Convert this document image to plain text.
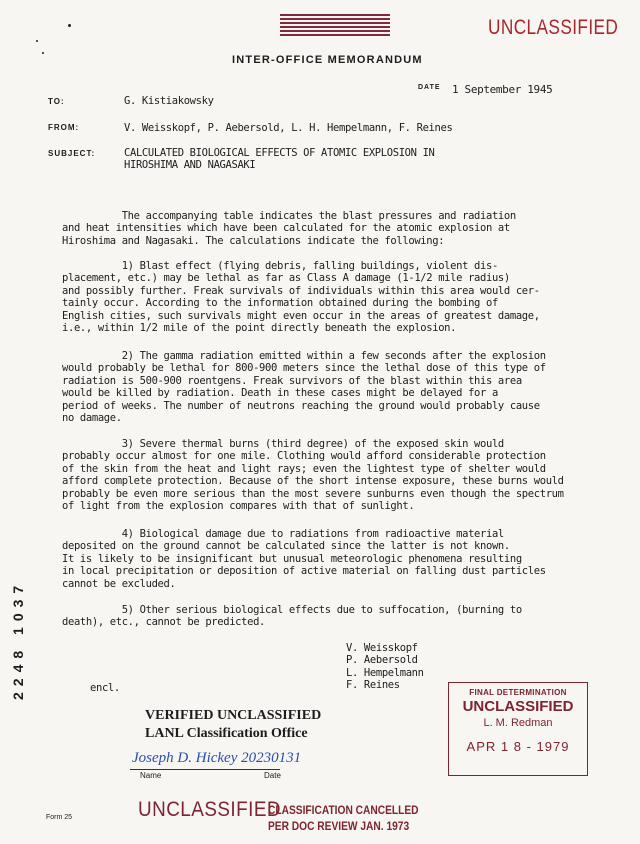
UNCLASSIFIED
INTER-OFFICE MEMORANDUM
DATE 1 September 1945
TO:	G. Kistiakowsky
FROM:	V. Weisskopf, P. Aebersold, L. H. Hempelmann, F. Reines
SUBJECT:	CALCULATED BIOLOGICAL EFFECTS OF ATOMIC EXPLOSION IN
HIROSHIMA AND NAGASAKI

The accompanying table indicates the blast pressures and radiation
and heat intensities which have been calculated for the atomic explosion at
Hiroshima and Nagasaki. The calculations indicate the following:

1) Blast effect (flying debris, falling buildings, violent dis-
placement, etc.) may be lethal as far as Class A damage (1-1/2 mile radius)
and possibly further. Freak survivals of individuals within this area would cer-
tainly occur. According to the information obtained during the bombing of
English cities, such survivals might even occur in the areas of greatest damage,
i.e., within 1/2 mile of the point directly beneath the explosion.

2) The gamma radiation emitted within a few seconds after the explosion
would probably be lethal for 800-900 meters since the lethal dose of this type of
radiation is 500-900 roentgens. Freak survivors of the blast within this area
would be killed by radiation. Death in these cases might be delayed for a
period of weeks. The number of neutrons reaching the ground would probably cause
no damage.

3) Severe thermal burns (third degree) of the exposed skin would
probably occur almost for one mile. Clothing would afford considerable protection
of the skin from the heat and light rays; even the lightest type of shelter would
afford complete protection. Because of the short intense exposure, these burns would
probably be even more serious than the most severe sunburns even though the spectrum
of light from the explosion compares with that of sunlight.

4) Biological damage due to radiations from radioactive material
deposited on the ground cannot be calculated since the latter is not known.
It is likely to be insignificant but unusual meteorologic phenomena resulting
in local precipitation or deposition of active material on falling dust particles
cannot be excluded.

5) Other serious biological effects due to suffocation, (burning to
death), etc., cannot be predicted.

V. Weisskopf
P. Aebersold
L. Hempelmann
F. Reines
encl.
2248 1037
VERIFIED UNCLASSIFIED
LANL Classification Office
Joseph D. Hickey 20230131
Name	Date
FINAL DETERMINATION
UNCLASSIFIED
L. M. Redman
APR 1 8 - 1979
Form 25	UNCLASSIFIED
CLASSIFICATION CANCELLED
PER DOC REVIEW JAN. 1973
